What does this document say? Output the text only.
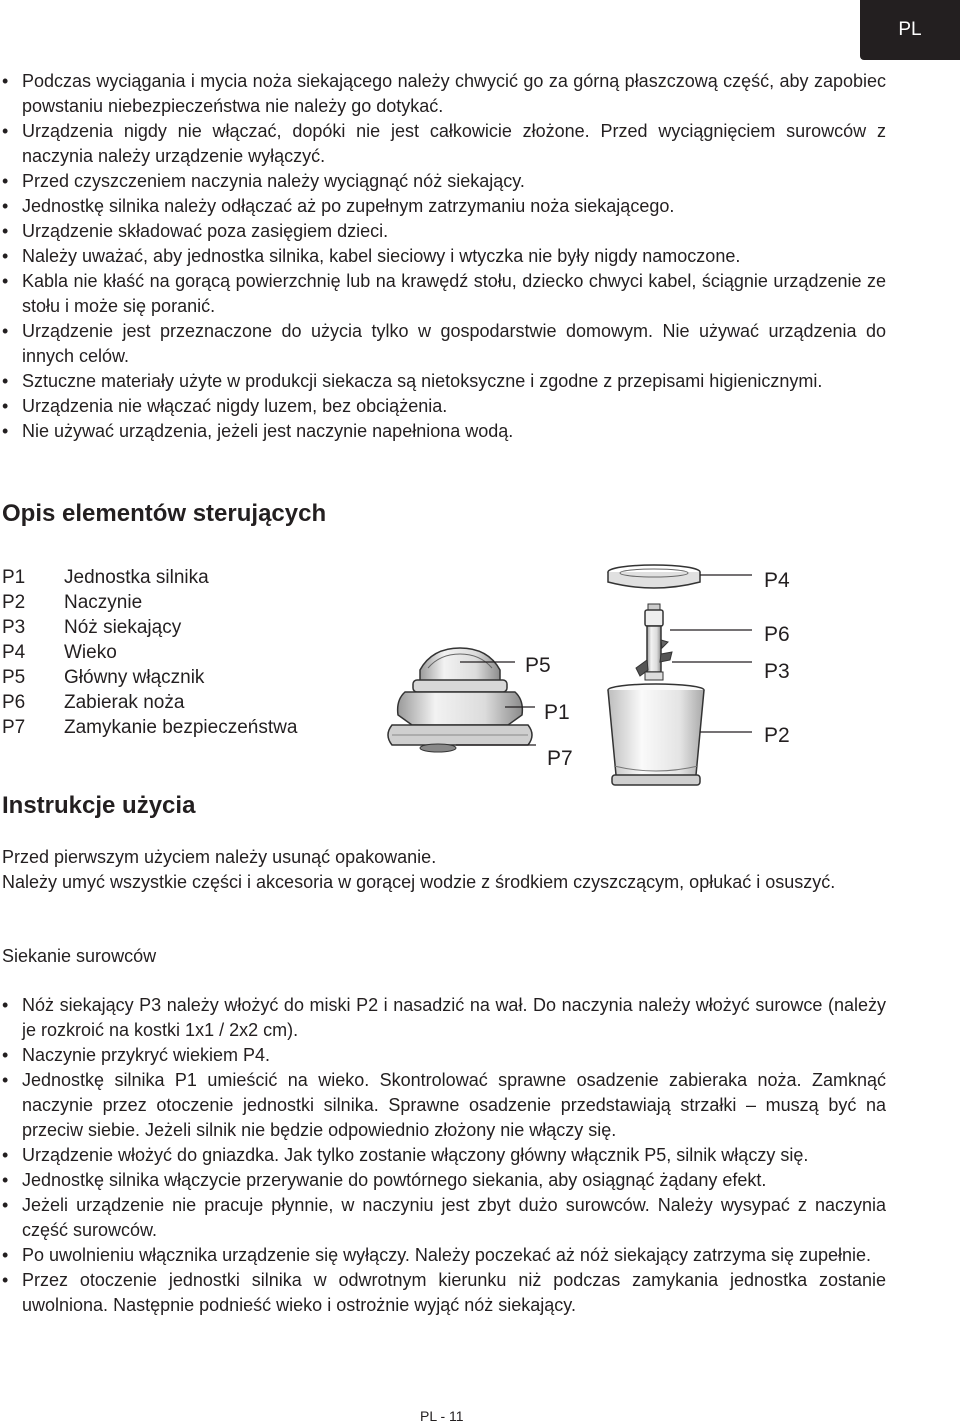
PL
• Podczas wyciągania i mycia noża siekającego należy chwycić go za górną płaszczową część, aby zapobiec powstaniu niebezpieczeństwa nie należy go dotykać.
• Urządzenia nigdy nie włączać, dopóki nie jest całkowicie złożone. Przed wyciągnięciem surowców z naczynia należy urządzenie wyłączyć.
• Przed czyszczeniem naczynia należy wyciągnąć nóż siekający.
• Jednostkę silnika należy odłączać aż po zupełnym zatrzymaniu noża siekającego.
• Urządzenie składować poza zasięgiem dzieci.
• Należy uważać, aby jednostka silnika, kabel sieciowy i wtyczka nie były nigdy namoczone.
• Kabla nie kłaść na gorącą powierzchnię lub na krawędź stołu, dziecko chwyci kabel, ściągnie urządzenie ze stołu i może się poranić.
• Urządzenie jest przeznaczone do użycia tylko w gospodarstwie domowym. Nie używać urządzenia do innych celów.
• Sztuczne materiały użyte w produkcji siekacza są nietoksyczne i zgodne z przepisami higienicznymi.
• Urządzenia nie włączać nigdy luzem, bez obciążenia.
• Nie używać urządzenia, jeżeli jest naczynie napełniona wodą.
Opis elementów sterujących
P1	Jednostka silnika
P2	Naczynie
P3	Nóż siekający
P4	Wieko
P5	Główny włącznik
P6	Zabierak noża
P7	Zamykanie bezpieczeństwa
P4
P6
P3
P2
P5
P1
P7
Instrukcje użycia

Przed pierwszym użyciem należy usunąć opakowanie.

Należy umyć wszystkie części i akcesoria w gorącej wodzie z środkiem czyszczącym, opłukać i osuszyć.

Siekanie surowców

• Nóż siekający P3 należy włożyć do miski P2 i nasadzić na wał. Do naczynia należy włożyć surowce (należy je rozkroić na kostki 1x1 / 2x2 cm).
• Naczynie przykryć wiekiem P4.
• Jednostkę silnika P1 umieścić na wieko. Skontrolować sprawne osadzenie zabieraka noża. Zamknąć naczynie przez otoczenie jednostki silnika. Sprawne osadzenie przedstawiają strzałki – muszą być na przeciw siebie. Jeżeli silnik nie będzie odpowiednio złożony nie włączy się.
• Urządzenie włożyć do gniazdka. Jak tylko zostanie włączony główny włącznik P5, silnik włączy się.
• Jednostkę silnika włączycie przerywanie do powtórnego siekania, aby osiągnąć żądany efekt.
• Jeżeli urządzenie nie pracuje płynnie, w naczyniu jest zbyt dużo surowców. Należy wysypać z naczynia część surowców.
• Po uwolnieniu włącznika urządzenie się wyłączy. Należy poczekać aż nóż siekający zatrzyma się zupełnie.
• Przez otoczenie jednostki silnika w odwrotnym kierunku niż podczas zamykania jednostka zostanie uwolniona. Następnie podnieść wieko i ostrożnie wyjąć nóż siekający.
PL - 11
